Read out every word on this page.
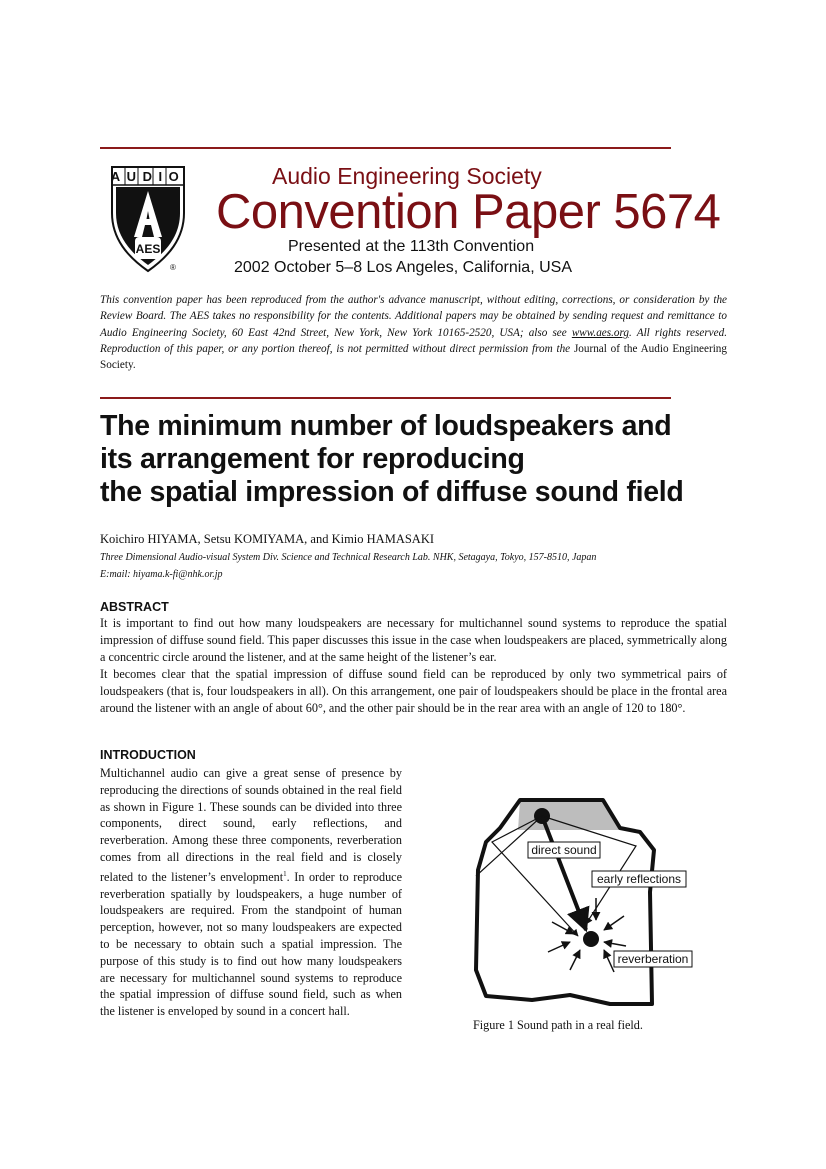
AUDIO
AES
®
Audio Engineering Society
Convention Paper 5674
Presented at the 113th Convention
2002 October 5–8 Los Angeles, California, USA
This convention paper has been reproduced from the author's advance manuscript, without editing, corrections, or consideration by the Review Board. The AES takes no responsibility for the contents. Additional papers may be obtained by sending request and remittance to Audio Engineering Society, 60 East 42nd Street, New York, New York 10165-2520, USA; also see www.aes.org. All rights reserved. Reproduction of this paper, or any portion thereof, is not permitted without direct permission from the Journal of the Audio Engineering Society.
The minimum number of loudspeakers and
its arrangement for reproducing
the spatial impression of diffuse sound field
Koichiro HIYAMA, Setsu KOMIYAMA, and Kimio HAMASAKI
Three Dimensional Audio-visual System Div. Science and Technical Research Lab. NHK, Setagaya, Tokyo, 157-8510, Japan
E:mail: hiyama.k-fi@nhk.or.jp
ABSTRACT

It is important to find out how many loudspeakers are necessary for multichannel sound systems to reproduce the spatial impression of diffuse sound field. This paper discusses this issue in the case when loudspeakers are placed, symmetrically along a concentric circle around the listener, and at the same height of the listener’s ear.

It becomes clear that the spatial impression of diffuse sound field can be reproduced by only two symmetrical pairs of loudspeakers (that is, four loudspeakers in all). On this arrangement, one pair of loudspeakers should be place in the frontal area around the listener with an angle of about 60°, and the other pair should be in the rear area with an angle of 120 to 180°.

INTRODUCTION
Multichannel audio can give a great sense of presence by reproducing the directions of sounds obtained in the real field as shown in Figure 1. These sounds can be divided into three components, direct sound, early reflections, and reverberation. Among these three components, reverberation comes from all directions in the real field and is closely related to the listener’s envelopment$^1$. In order to reproduce reverberation spatially by loudspeakers, a huge number of loudspeakers are required. From the standpoint of human perception, however, not so many loudspeakers are expected to be necessary to obtain such a spatial impression. The purpose of this study is to find out how many loudspeakers are necessary for multichannel sound systems to reproduce the spatial impression of diffuse sound field, such as when the listener is enveloped by sound in a concert hall.
direct sound
early reflections
reverberation
Figure 1 Sound path in a real field.
